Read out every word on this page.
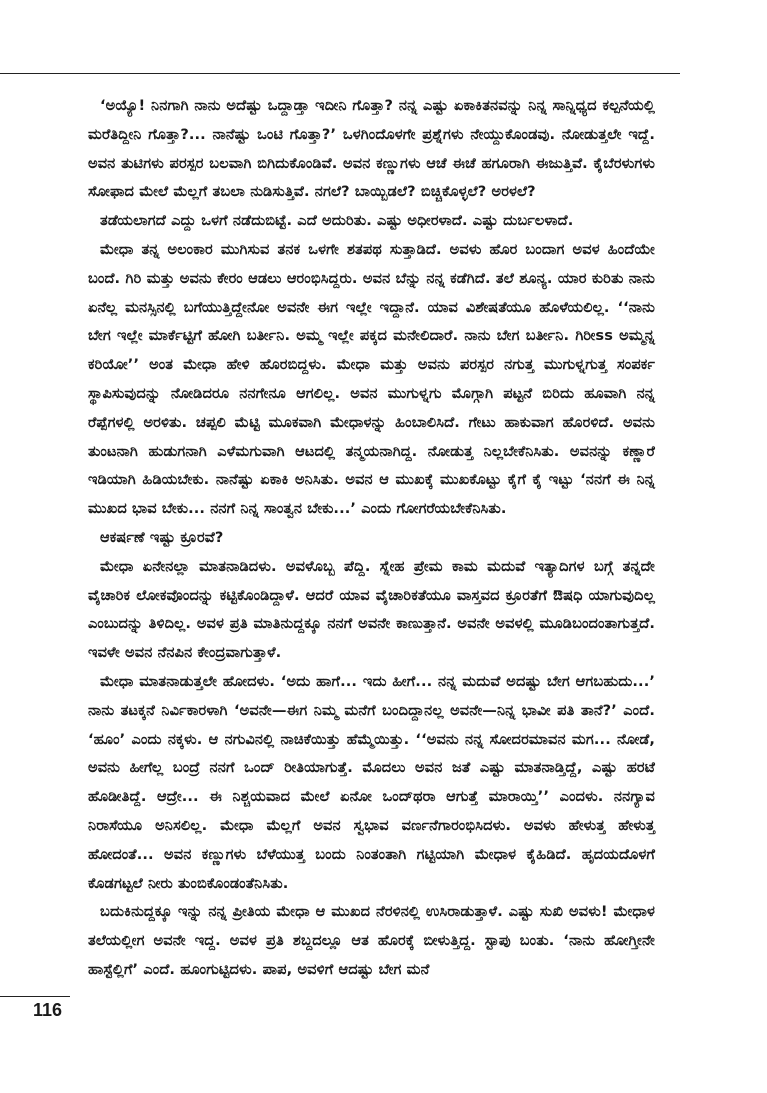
‘ಅಯ್ಯೊ! ನಿನಗಾಗಿ ನಾನು ಅದೆಷ್ಟು ಒದ್ದಾಡ್ತಾ ಇದೀನಿ ಗೊತ್ತಾ? ನನ್ನ ಎಷ್ಟು ಏಕಾಕಿತನವನ್ನು ನಿನ್ನ ಸಾನ್ನಿಧ್ಯದ ಕಲ್ಪನೆಯಲ್ಲಿ ಮರೆತಿದ್ದೀನಿ ಗೊತ್ತಾ?... ನಾನೆಷ್ಟು ಒಂಟಿ ಗೊತ್ತಾ?’ ಒಳಗಿಂದೊಳಗೇ ಪ್ರಶ್ನೆಗಳು ನೇಯ್ದುಕೊಂಡವು. ನೋಡುತ್ತಲೇ ಇದ್ದೆ. ಅವನ ತುಟಿಗಳು ಪರಸ್ಪರ ಬಲವಾಗಿ ಬಿಗಿದುಕೊಂಡಿವೆ. ಅವನ ಕಣ್ಣುಗಳು ಆಚೆ ಈಚೆ ಹಗೂರಾಗಿ ಈಜುತ್ತಿವೆ. ಕೈಬೆರಳುಗಳು ಸೋಫಾದ ಮೇಲೆ ಮೆಲ್ಲಗೆ ತಬಲಾ ನುಡಿಸುತ್ತಿವೆ. ನಗಲೆ? ಬಾಯ್ಬಿಡಲೆ? ಬಿಚ್ಚಿಕೊಳ್ಳಲೆ? ಅರಳಲೆ?

ತಡೆಯಲಾಗದೆ ಎದ್ದು ಒಳಗೆ ನಡೆದುಬಿಟ್ಟೆ. ಎದೆ ಅದುರಿತು. ಎಷ್ಟು ಅಧೀರಳಾದೆ. ಎಷ್ಟು ದುರ್ಬಲಳಾದೆ.

ಮೇಧಾ ತನ್ನ ಅಲಂಕಾರ ಮುಗಿಸುವ ತನಕ ಒಳಗೇ ಶತಪಥ ಸುತ್ತಾಡಿದೆ. ಅವಳು ಹೊರ ಬಂದಾಗ ಅವಳ ಹಿಂದೆಯೇ ಬಂದೆ. ಗಿರಿ ಮತ್ತು ಅವನು ಕೇರಂ ಆಡಲು ಆರಂಭಿಸಿದ್ದರು. ಅವನ ಬೆನ್ನು ನನ್ನ ಕಡೆಗಿದೆ. ತಲೆ ಶೂನ್ಯ. ಯಾರ ಕುರಿತು ನಾನು ಏನೆಲ್ಲ ಮನಸ್ಸಿನಲ್ಲಿ ಬಗೆಯುತ್ತಿದ್ದೇನೋ ಅವನೇ ಈಗ ಇಲ್ಲೇ ಇದ್ದಾನೆ. ಯಾವ ವಿಶೇಷತೆಯೂ ಹೊಳೆಯಲಿಲ್ಲ. ‘‘ನಾನು ಬೇಗ ಇಲ್ಲೇ ಮಾರ್ಕೆಟ್ಟಿಗೆ ಹೋಗಿ ಬರ್ತೀನಿ. ಅಮ್ಮ ಇಲ್ಲೇ ಪಕ್ಕದ ಮನೇಲಿದಾರೆ. ನಾನು ಬೇಗ ಬರ್ತೀನಿ. ಗಿರೀss ಅಮ್ಮನ್ನ ಕರಿಯೋ’’ ಅಂತ ಮೇಧಾ ಹೇಳಿ ಹೊರಬಿದ್ದಳು. ಮೇಧಾ ಮತ್ತು ಅವನು ಪರಸ್ಪರ ನಗುತ್ತ ಮುಗುಳ್ನಗುತ್ತ ಸಂಪರ್ಕ ಸ್ಥಾಪಿಸುವುದನ್ನು ನೋಡಿದರೂ ನನಗೇನೂ ಆಗಲಿಲ್ಲ. ಅವನ ಮುಗುಳ್ನಗು ಮೊಗ್ಗಾಗಿ ಪಟ್ಟನೆ ಬಿರಿದು ಹೂವಾಗಿ ನನ್ನ ರೆಪ್ಪೆಗಳಲ್ಲಿ ಅರಳಿತು. ಚಪ್ಪಲಿ ಮೆಟ್ಟಿ ಮೂಕವಾಗಿ ಮೇಧಾಳನ್ನು ಹಿಂಬಾಲಿಸಿದೆ. ಗೇಟು ಹಾಕುವಾಗ ಹೊರಳಿದೆ. ಅವನು ತುಂಟನಾಗಿ ಹುಡುಗನಾಗಿ ಎಳೆಮಗುವಾಗಿ ಆಟದಲ್ಲಿ ತನ್ಮಯನಾಗಿದ್ದ. ನೋಡುತ್ತ ನಿಲ್ಲಬೇಕೆನಿಸಿತು. ಅವನನ್ನು ಕಣ್ಣಾರೆ ಇಡಿಯಾಗಿ ಹಿಡಿಯಬೇಕು. ನಾನೆಷ್ಟು ಏಕಾಕಿ ಅನಿಸಿತು. ಅವನ ಆ ಮುಖಕ್ಕೆ ಮುಖಕೊಟ್ಟು ಕೈಗೆ ಕೈ ಇಟ್ಟು ‘ನನಗೆ ಈ ನಿನ್ನ ಮುಖದ ಭಾವ ಬೇಕು... ನನಗೆ ನಿನ್ನ ಸಾಂತ್ವನ ಬೇಕು...’ ಎಂದು ಗೋಗರೆಯಬೇಕೆನಿಸಿತು.

ಆಕರ್ಷಣೆ ಇಷ್ಟು ಕ್ರೂರವೆ?

ಮೇಧಾ ಏನೇನಲ್ಲಾ ಮಾತನಾಡಿದಳು. ಅವಳೊಬ್ಬ ಪೆದ್ದಿ. ಸ್ನೇಹ ಪ್ರೇಮ ಕಾಮ ಮದುವೆ ಇತ್ಯಾದಿಗಳ ಬಗ್ಗೆ ತನ್ನದೇ ವೈಚಾರಿಕ ಲೋಕವೊಂದನ್ನು ಕಟ್ಟಿಕೊಂಡಿದ್ದಾಳೆ. ಆದರೆ ಯಾವ ವೈಚಾರಿಕತೆಯೂ ವಾಸ್ತವದ ಕ್ರೂರತೆಗೆ ಔಷಧಿ ಯಾಗುವುದಿಲ್ಲ ಎಂಬುದನ್ನು ತಿಳಿದಿಲ್ಲ. ಅವಳ ಪ್ರತಿ ಮಾತಿನುದ್ದಕ್ಕೂ ನನಗೆ ಅವನೇ ಕಾಣುತ್ತಾನೆ. ಅವನೇ ಅವಳಲ್ಲಿ ಮೂಡಿಬಂದಂತಾಗುತ್ತದೆ. ಇವಳೇ ಅವನ ನೆನಪಿನ ಕೇಂದ್ರವಾಗುತ್ತಾಳೆ.

ಮೇಧಾ ಮಾತನಾಡುತ್ತಲೇ ಹೋದಳು. ‘ಅದು ಹಾಗೆ... ಇದು ಹೀಗೆ... ನನ್ನ ಮದುವೆ ಅದಷ್ಟು ಬೇಗ ಆಗಬಹುದು...’ ನಾನು ತಟಕ್ಕನೆ ನಿರ್ವಿಕಾರಳಾಗಿ ‘ಅವನೇ—ಈಗ ನಿಮ್ಮ ಮನೆಗೆ ಬಂದಿದ್ದಾನಲ್ಲ ಅವನೇ—ನಿನ್ನ ಭಾವೀ ಪತಿ ತಾನೆ?’ ಎಂದೆ. ‘ಹೂಂ’ ಎಂದು ನಕ್ಕಳು. ಆ ನಗುವಿನಲ್ಲಿ ನಾಚಿಕೆಯಿತ್ತು ಹೆಮ್ಮೆಯಿತ್ತು. ‘‘ಅವನು ನನ್ನ ಸೋದರಮಾವನ ಮಗ... ನೋಡೆ, ಅವನು ಹೀಗೆಲ್ಲ ಬಂದ್ರೆ ನನಗೆ ಒಂದ್ ರೀತಿಯಾಗುತ್ತೆ. ಮೊದಲು ಅವನ ಜತೆ ಎಷ್ಟು ಮಾತನಾಡ್ತಿದ್ದೆ, ಎಷ್ಟು ಹರಟೆ ಹೊಡೀತಿದ್ದೆ. ಆದ್ರೇ... ಈ ನಿಶ್ಚಯವಾದ ಮೇಲೆ ಏನೋ ಒಂದ್‌ಥರಾ ಆಗುತ್ತೆ ಮಾರಾಯ್ತಿ’’ ಎಂದಳು. ನನಗ್ಯಾವ ನಿರಾಸೆಯೂ ಅನಿಸಲಿಲ್ಲ. ಮೇಧಾ ಮೆಲ್ಲಗೆ ಅವನ ಸ್ವಭಾವ ವರ್ಣನೆಗಾರಂಭಿಸಿದಳು. ಅವಳು ಹೇಳುತ್ತ ಹೇಳುತ್ತ ಹೋದಂತೆ... ಅವನ ಕಣ್ಣುಗಳು ಬೆಳೆಯುತ್ತ ಬಂದು ನಿಂತಂತಾಗಿ ಗಟ್ಟಿಯಾಗಿ ಮೇಧಾಳ ಕೈಹಿಡಿದೆ. ಹೃದಯದೊಳಗೆ ಕೊಡಗಟ್ಟಲೆ ನೀರು ತುಂಬಿಕೊಂಡಂತೆನಿಸಿತು.

ಬದುಕಿನುದ್ದಕ್ಕೂ ಇನ್ನು ನನ್ನ ಪ್ರೀತಿಯ ಮೇಧಾ ಆ ಮುಖದ ನೆರಳಿನಲ್ಲಿ ಉಸಿರಾಡುತ್ತಾಳೆ. ಎಷ್ಟು ಸುಖಿ ಅವಳು! ಮೇಧಾಳ ತಲೆಯಲ್ಲೀಗ ಅವನೇ ಇದ್ದ. ಅವಳ ಪ್ರತಿ ಶಬ್ದದಲ್ಲೂ ಆತ ಹೊರಕ್ಕೆ ಬೀಳುತ್ತಿದ್ದ. ಸ್ಟಾಪು ಬಂತು. ‘ನಾನು ಹೋಗ್ತೀನೇ ಹಾಸ್ಟೆಲ್ಲಿಗೆ’ ಎಂದೆ. ಹೂಂಗುಟ್ಟಿದಳು. ಪಾಪ, ಅವಳಿಗೆ ಆದಷ್ಟು ಬೇಗ ಮನೆ

116
